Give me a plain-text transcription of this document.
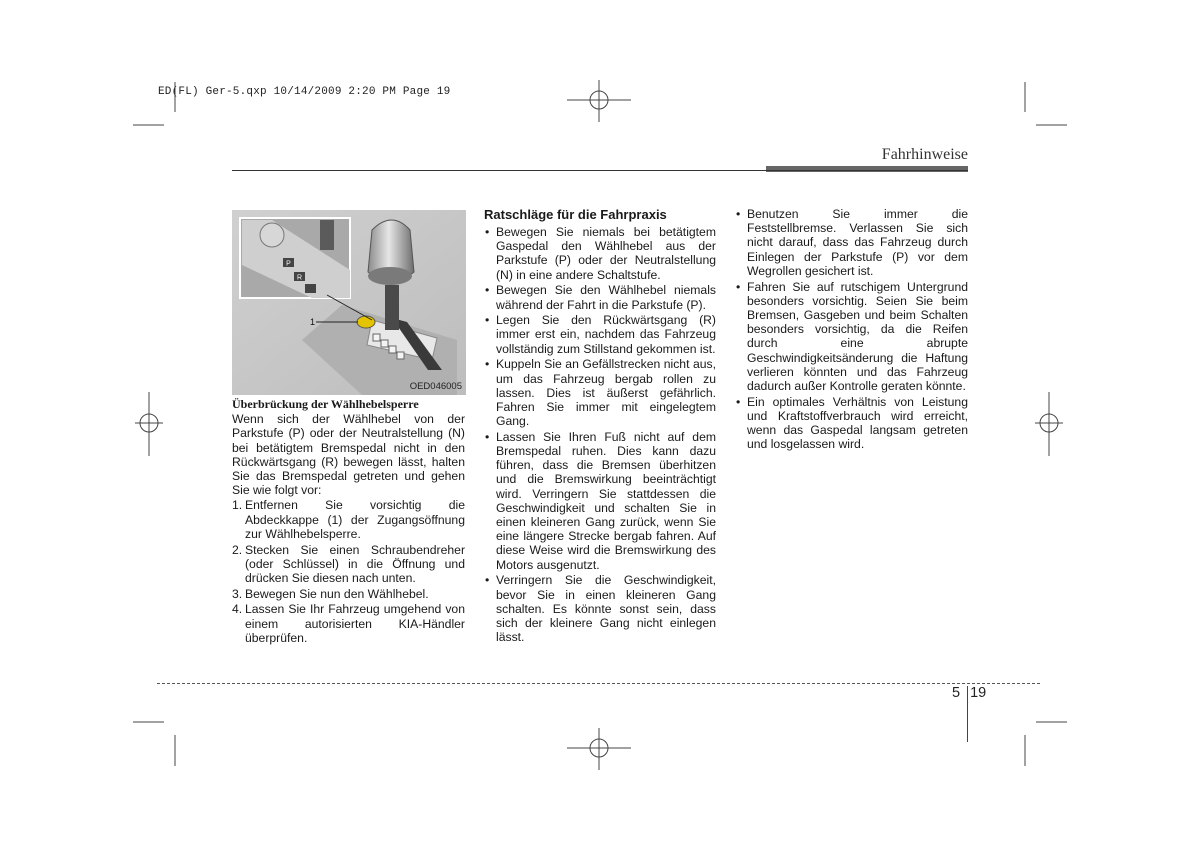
ED(FL) Ger-5.qxp 10/14/2009 2:20 PM Page 19
Fahrhinweise
P
R
1
OED046005

Überbrückung der Wählhebelsperre

Wenn sich der Wählhebel von der Parkstufe (P) oder der Neutralstellung (N) bei betätigtem Bremspedal nicht in den Rückwärtsgang (R) bewegen lässt, halten Sie das Bremspedal getreten und gehen Sie wie folgt vor:

1. Entfernen Sie vorsichtig die Abdeckkappe (1) der Zugangsöffnung zur Wählhebelsperre.
2. Stecken Sie einen Schraubendreher (oder Schlüssel) in die Öffnung und drücken Sie diesen nach unten.
3. Bewegen Sie nun den Wählhebel.
4. Lassen Sie Ihr Fahrzeug umgehend von einem autorisierten KIA-Händler überprüfen.

Ratschläge für die Fahrpraxis

• Bewegen Sie niemals bei betätigtem Gaspedal den Wählhebel aus der Parkstufe (P) oder der Neutralstellung (N) in eine andere Schaltstufe.
• Bewegen Sie den Wählhebel niemals während der Fahrt in die Parkstufe (P).
• Legen Sie den Rückwärtsgang (R) immer erst ein, nachdem das Fahrzeug vollständig zum Stillstand gekommen ist.
• Kuppeln Sie an Gefällstrecken nicht aus, um das Fahrzeug bergab rollen zu lassen. Dies ist äußerst gefährlich. Fahren Sie immer mit eingelegtem Gang.
• Lassen Sie Ihren Fuß nicht auf dem Bremspedal ruhen. Dies kann dazu führen, dass die Bremsen überhitzen und die Bremswirkung beeinträchtigt wird. Verringern Sie stattdessen die Geschwindigkeit und schalten Sie in einen kleineren Gang zurück, wenn Sie eine längere Strecke bergab fahren. Auf diese Weise wird die Bremswirkung des Motors ausgenutzt.
• Verringern Sie die Geschwindigkeit, bevor Sie in einen kleineren Gang schalten. Es könnte sonst sein, dass sich der kleinere Gang nicht einlegen lässt.
• Benutzen Sie immer die Feststellbremse. Verlassen Sie sich nicht darauf, dass das Fahrzeug durch Einlegen der Parkstufe (P) vor dem Wegrollen gesichert ist.
• Fahren Sie auf rutschigem Untergrund besonders vorsichtig. Seien Sie beim Bremsen, Gasgeben und beim Schalten besonders vorsichtig, da die Reifen durch eine abrupte Geschwindigkeitsänderung die Haftung verlieren könnten und das Fahrzeug dadurch außer Kontrolle geraten könnte.
• Ein optimales Verhältnis von Leistung und Kraftstoffverbrauch wird erreicht, wenn das Gaspedal langsam getreten und losgelassen wird.
5 19
